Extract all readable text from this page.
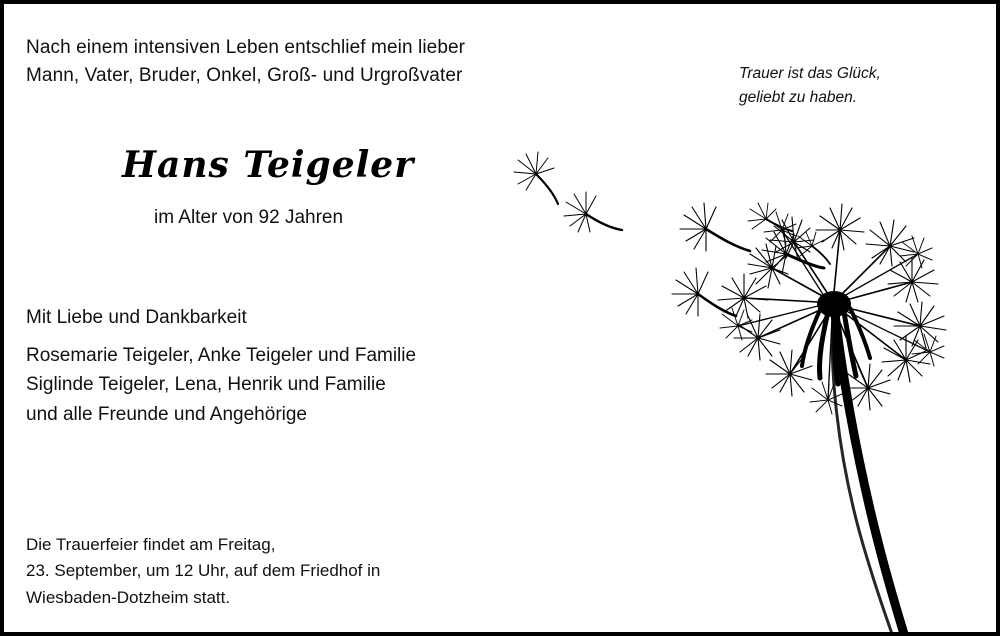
Nach einem intensiven Leben entschlief mein lieber
Mann, Vater, Bruder, Onkel, Groß- und Urgroßvater	Trauer ist das Glück,
geliebt zu haben.
Hans Teigeler
im Alter von 92 Jahren
Mit Liebe und Dankbarkeit
Rosemarie Teigeler, Anke Teigeler und Familie
Siglinde Teigeler, Lena, Henrik und Familie
und alle Freunde und Angehörige
Die Trauerfeier findet am Freitag,
23. September, um 12 Uhr, auf dem Friedhof in
Wiesbaden-Dotzheim statt.
